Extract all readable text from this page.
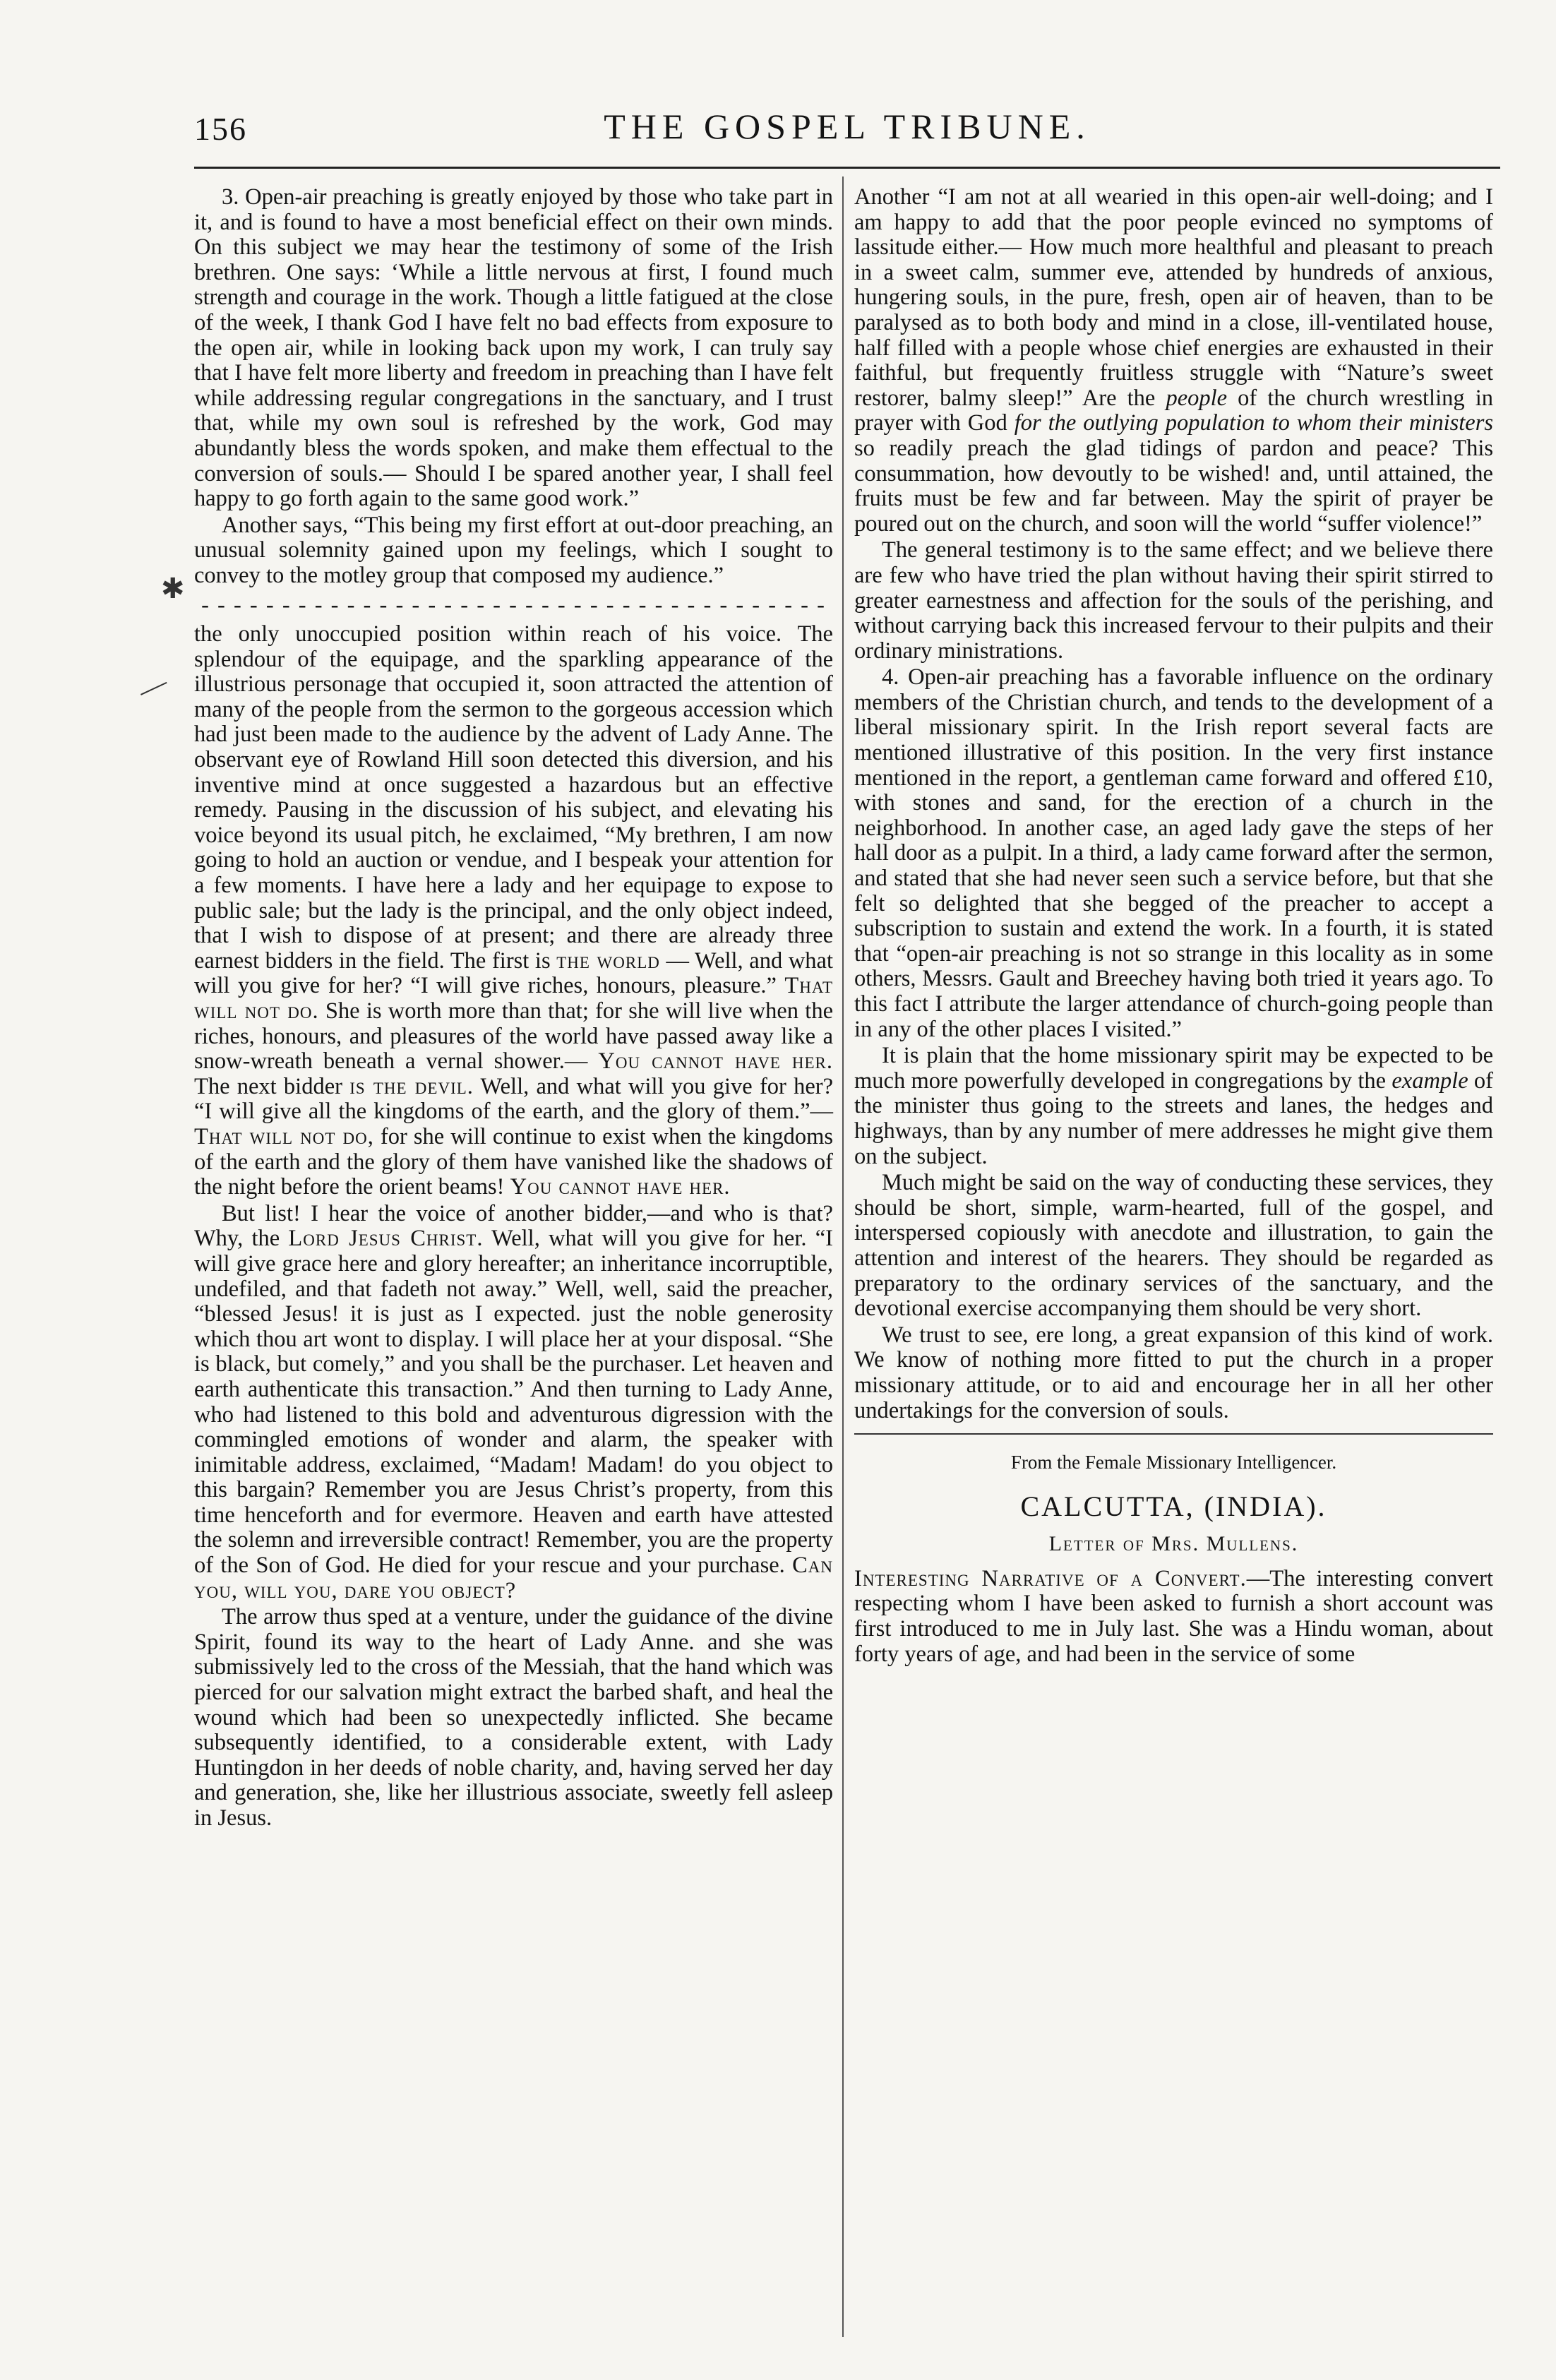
156	THE GOSPEL TRIBUNE.
✱
—

3. Open-air preaching is greatly enjoyed by those who take part in it, and is found to have a most beneficial effect on their own minds. On this subject we may hear the testimony of some of the Irish brethren. One says: ‘While a little nervous at first, I found much strength and courage in the work. Though a little fatigued at the close of the week, I thank God I have felt no bad effects from exposure to the open air, while in looking back upon my work, I can truly say that I have felt more liberty and freedom in preaching than I have felt while addressing regular congregations in the sanctuary, and I trust that, while my own soul is refreshed by the work, God may abundantly bless the words spoken, and make them effectual to the conversion of souls.— Should I be spared another year, I shall feel happy to go forth again to the same good work.”

Another says, “This being my first effort at out-door preaching, an unusual solemnity gained upon my feelings, which I sought to convey to the motley group that composed my audience.”

- - - - - - - - - - - - - - - - - - - - - - - - - - - - - - - - - - - - - - -

the only unoccupied position within reach of his voice. The splendour of the equipage, and the sparkling appearance of the illustrious personage that occupied it, soon attracted the attention of many of the people from the sermon to the gorgeous accession which had just been made to the audience by the advent of Lady Anne. The observant eye of Rowland Hill soon detected this diversion, and his inventive mind at once suggested a hazardous but an effective remedy. Pausing in the discussion of his subject, and elevating his voice beyond its usual pitch, he exclaimed, “My brethren, I am now going to hold an auction or vendue, and I bespeak your attention for a few moments. I have here a lady and her equipage to expose to public sale; but the lady is the principal, and the only object indeed, that I wish to dispose of at present; and there are already three earnest bidders in the field. The first is the world — Well, and what will you give for her? “I will give riches, honours, pleasure.” That will not do. She is worth more than that; for she will live when the riches, honours, and pleasures of the world have passed away like a snow-wreath beneath a vernal shower.— You cannot have her. The next bidder is the devil. Well, and what will you give for her? “I will give all the kingdoms of the earth, and the glory of them.”— That will not do, for she will continue to exist when the kingdoms of the earth and the glory of them have vanished like the shadows of the night before the orient beams! You cannot have her.

But list! I hear the voice of another bidder,—and who is that? Why, the Lord Jesus Christ. Well, what will you give for her. “I will give grace here and glory hereafter; an inheritance incorruptible, undefiled, and that fadeth not away.” Well, well, said the preacher, “blessed Jesus! it is just as I expected. just the noble generosity which thou art wont to display. I will place her at your disposal. “She is black, but comely,” and you shall be the purchaser. Let heaven and earth authenticate this transaction.” And then turning to Lady Anne, who had listened to this bold and adventurous digression with the commingled emotions of wonder and alarm, the speaker with inimitable address, exclaimed, “Madam! Madam! do you object to this bargain? Remember you are Jesus Christ’s property, from this time henceforth and for evermore. Heaven and earth have attested the solemn and irreversible contract! Remember, you are the property of the Son of God. He died for your rescue and your purchase. Can you, will you, dare you object?

The arrow thus sped at a venture, under the guidance of the divine Spirit, found its way to the heart of Lady Anne. and she was submissively led to the cross of the Messiah, that the hand which was pierced for our salvation might extract the barbed shaft, and heal the wound which had been so unexpectedly inflicted. She became subsequently identified, to a considerable extent, with Lady Huntingdon in her deeds of noble charity, and, having served her day and generation, she, like her illustrious associate, sweetly fell asleep in Jesus.

Another “I am not at all wearied in this open-air well-doing; and I am happy to add that the poor people evinced no symptoms of lassitude either.— How much more healthful and pleasant to preach in a sweet calm, summer eve, attended by hundreds of anxious, hungering souls, in the pure, fresh, open air of heaven, than to be paralysed as to both body and mind in a close, ill-ventilated house, half filled with a people whose chief energies are exhausted in their faithful, but frequently fruitless struggle with “Nature’s sweet restorer, balmy sleep!” Are the people of the church wrestling in prayer with God for the outlying population to whom their ministers so readily preach the glad tidings of pardon and peace? This consummation, how devoutly to be wished! and, until attained, the fruits must be few and far between. May the spirit of prayer be poured out on the church, and soon will the world “suffer violence!”

The general testimony is to the same effect; and we believe there are few who have tried the plan without having their spirit stirred to greater earnestness and affection for the souls of the perishing, and without carrying back this increased fervour to their pulpits and their ordinary ministrations.

4. Open-air preaching has a favorable influence on the ordinary members of the Christian church, and tends to the development of a liberal missionary spirit. In the Irish report several facts are mentioned illustrative of this position. In the very first instance mentioned in the report, a gentleman came forward and offered £10, with stones and sand, for the erection of a church in the neighborhood. In another case, an aged lady gave the steps of her hall door as a pulpit. In a third, a lady came forward after the sermon, and stated that she had never seen such a service before, but that she felt so delighted that she begged of the preacher to accept a subscription to sustain and extend the work. In a fourth, it is stated that “open-air preaching is not so strange in this locality as in some others, Messrs. Gault and Breechey having both tried it years ago. To this fact I attribute the larger attendance of church-going people than in any of the other places I visited.”

It is plain that the home missionary spirit may be expected to be much more powerfully developed in congregations by the example of the minister thus going to the streets and lanes, the hedges and highways, than by any number of mere addresses he might give them on the subject.

Much might be said on the way of conducting these services, they should be short, simple, warm-hearted, full of the gospel, and interspersed copiously with anecdote and illustration, to gain the attention and interest of the hearers. They should be regarded as preparatory to the ordinary services of the sanctuary, and the devotional exercise accompanying them should be very short.

We trust to see, ere long, a great expansion of this kind of work. We know of nothing more fitted to put the church in a proper missionary attitude, or to aid and encourage her in all her other undertakings for the conversion of souls.

From the Female Missionary Intelligencer.
CALCUTTA, (INDIA).
Letter of Mrs. Mullens.

Interesting Narrative of a Convert.—The interesting convert respecting whom I have been asked to furnish a short account was first introduced to me in July last. She was a Hindu woman, about forty years of age, and had been in the service of some
